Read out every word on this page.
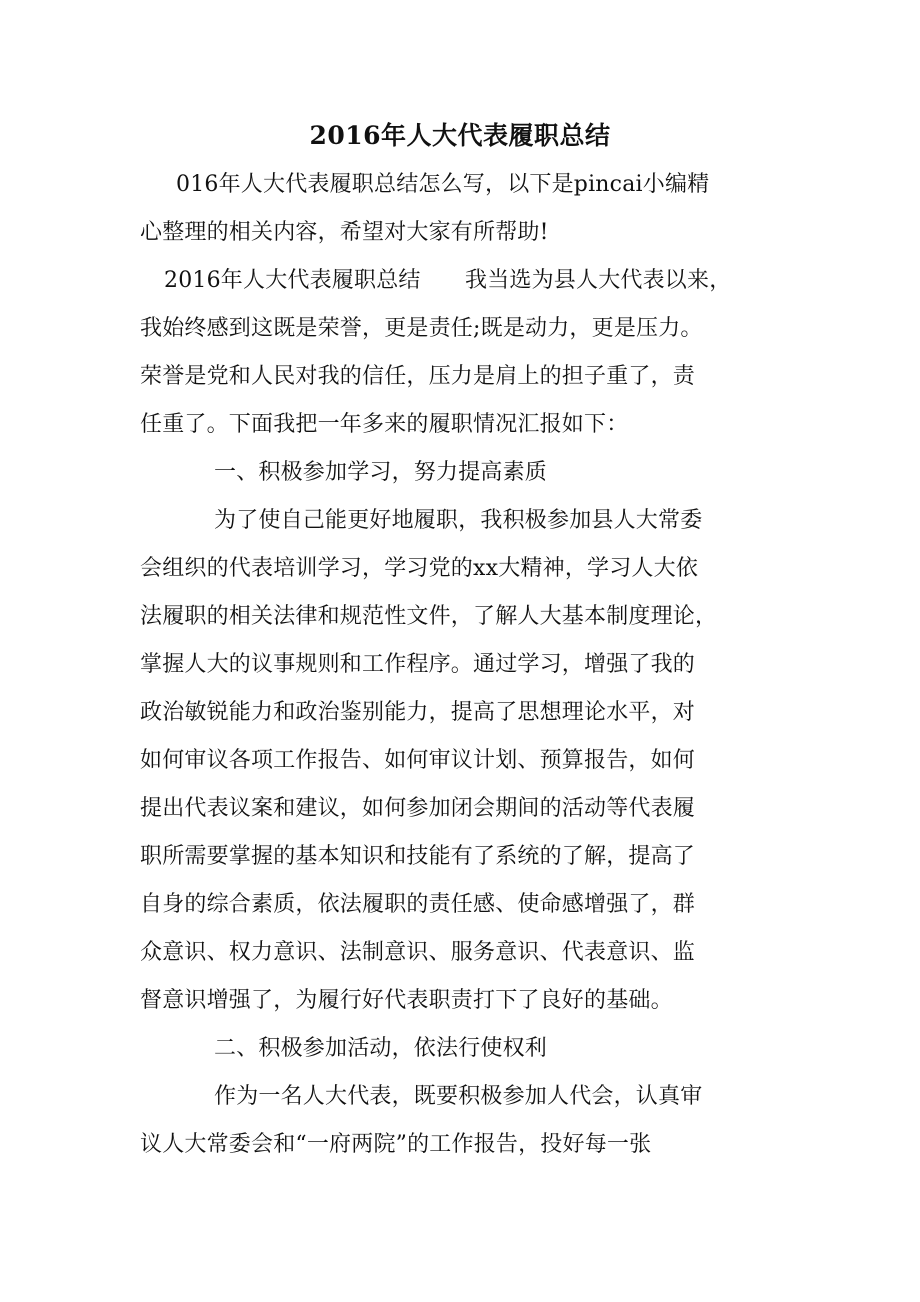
2016年人大代表履职总结
016年人大代表履职总结怎么写，以下是pincai小编精
心整理的相关内容，希望对大家有所帮助!
2016年人大代表履职总结　　我当选为县人大代表以来，
我始终感到这既是荣誉，更是责任;既是动力，更是压力。
荣誉是党和人民对我的信任，压力是肩上的担子重了，责
任重了。下面我把一年多来的履职情况汇报如下：
一、积极参加学习，努力提高素质
为了使自己能更好地履职，我积极参加县人大常委
会组织的代表培训学习，学习党的xx大精神，学习人大依
法履职的相关法律和规范性文件，了解人大基本制度理论，
掌握人大的议事规则和工作程序。通过学习，增强了我的
政治敏锐能力和政治鉴别能力，提高了思想理论水平，对
如何审议各项工作报告、如何审议计划、预算报告，如何
提出代表议案和建议，如何参加闭会期间的活动等代表履
职所需要掌握的基本知识和技能有了系统的了解，提高了
自身的综合素质，依法履职的责任感、使命感增强了，群
众意识、权力意识、法制意识、服务意识、代表意识、监
督意识增强了，为履行好代表职责打下了良好的基础。
二、积极参加活动，依法行使权利
作为一名人大代表，既要积极参加人代会，认真审
议人大常委会和“一府两院”的工作报告，投好每一张
